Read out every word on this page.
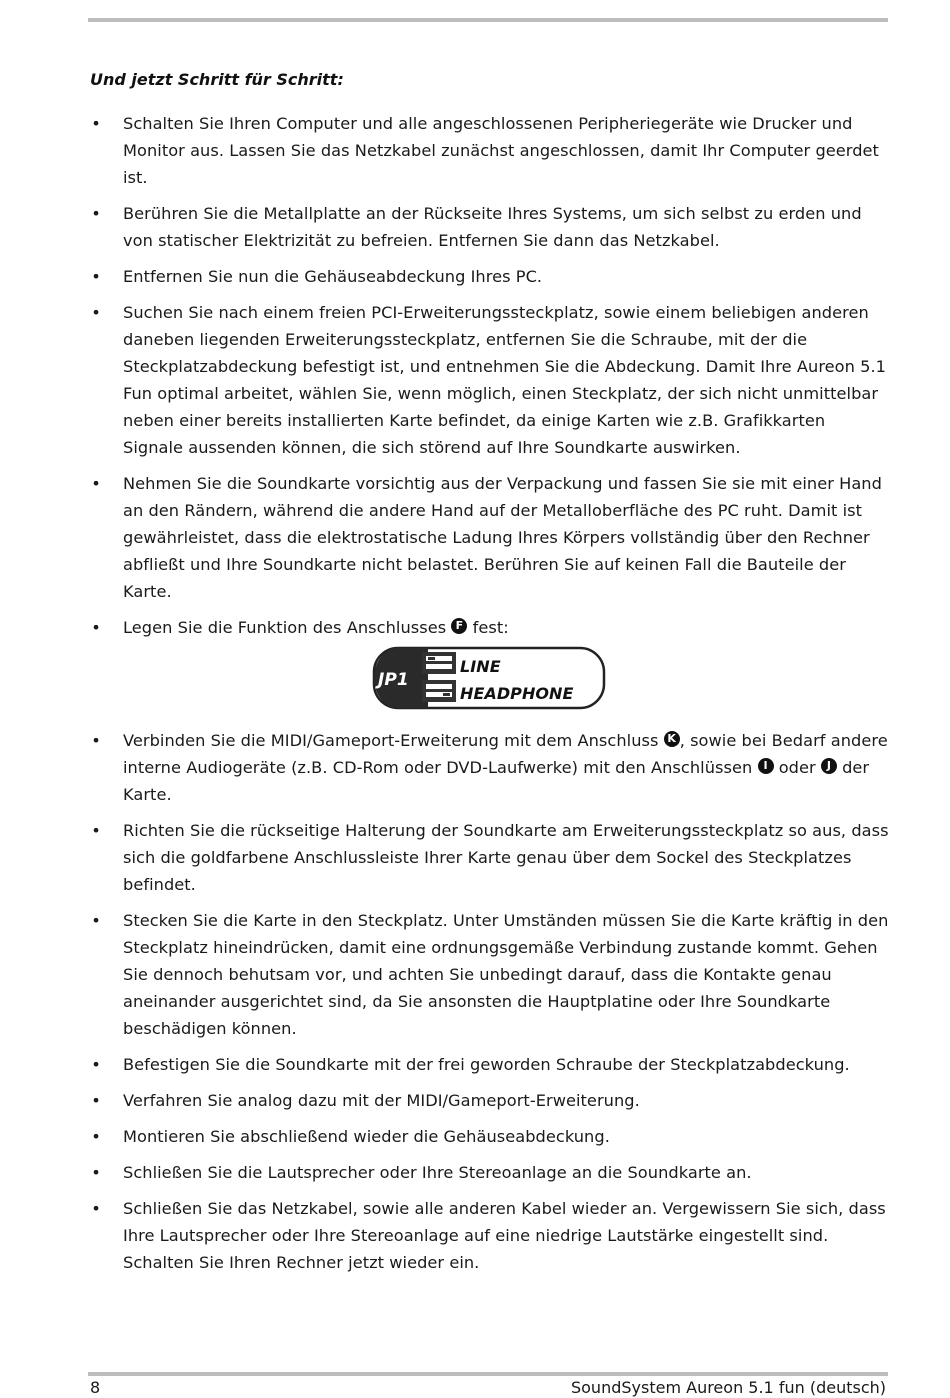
Und jetzt Schritt für Schritt:

• Schalten Sie Ihren Computer und alle angeschlossenen Peripheriegeräte wie Drucker und Monitor aus. Lassen Sie das Netzkabel zunächst angeschlossen, damit Ihr Computer geerdet ist.
• Berühren Sie die Metallplatte an der Rückseite Ihres Systems, um sich selbst zu erden und von statischer Elektrizität zu befreien. Entfernen Sie dann das Netzkabel.
• Entfernen Sie nun die Gehäuseabdeckung Ihres PC.
• Suchen Sie nach einem freien PCI-Erweiterungssteckplatz, sowie einem beliebigen anderen daneben liegenden Erweiterungssteckplatz, entfernen Sie die Schraube, mit der die Steckplatzabdeckung befestigt ist, und entnehmen Sie die Abdeckung. Damit Ihre Aureon 5.1 Fun optimal arbeitet, wählen Sie, wenn möglich, einen Steckplatz, der sich nicht unmittelbar neben einer bereits installierten Karte befindet, da einige Karten wie z.B. Grafikkarten Signale aussenden können, die sich störend auf Ihre Soundkarte auswirken.
• Nehmen Sie die Soundkarte vorsichtig aus der Verpackung und fassen Sie sie mit einer Hand an den Rändern, während die andere Hand auf der Metalloberfläche des PC ruht. Damit ist gewährleistet, dass die elektrostatische Ladung Ihres Körpers vollständig über den Rechner abfließt und Ihre Soundkarte nicht belastet. Berühren Sie auf keinen Fall die Bauteile der Karte.
• Legen Sie die Funktion des Anschlusses F fest:
JP1
LINE
HEADPHONE
• Verbinden Sie die MIDI/Gameport-Erweiterung mit dem Anschluss K , sowie bei Bedarf andere interne Audiogeräte (z.B. CD-Rom oder DVD-Laufwerke) mit den Anschlüssen I oder J der Karte.
• Richten Sie die rückseitige Halterung der Soundkarte am Erweiterungssteckplatz so aus, dass sich die goldfarbene Anschlussleiste Ihrer Karte genau über dem Sockel des Steckplatzes befindet.
• Stecken Sie die Karte in den Steckplatz. Unter Umständen müssen Sie die Karte kräftig in den Steckplatz hineindrücken, damit eine ordnungsgemäße Verbindung zustande kommt. Gehen Sie dennoch behutsam vor, und achten Sie unbedingt darauf, dass die Kontakte genau aneinander ausgerichtet sind, da Sie ansonsten die Hauptplatine oder Ihre Soundkarte beschädigen können.
• Befestigen Sie die Soundkarte mit der frei geworden Schraube der Steckplatzabdeckung.
• Verfahren Sie analog dazu mit der MIDI/Gameport-Erweiterung.
• Montieren Sie abschließend wieder die Gehäuseabdeckung.
• Schließen Sie die Lautsprecher oder Ihre Stereoanlage an die Soundkarte an.
• Schließen Sie das Netzkabel, sowie alle anderen Kabel wieder an. Vergewissern Sie sich, dass Ihre Lautsprecher oder Ihre Stereoanlage auf eine niedrige Lautstärke eingestellt sind. Schalten Sie Ihren Rechner jetzt wieder ein.
8	SoundSystem Aureon 5.1 fun (deutsch)
